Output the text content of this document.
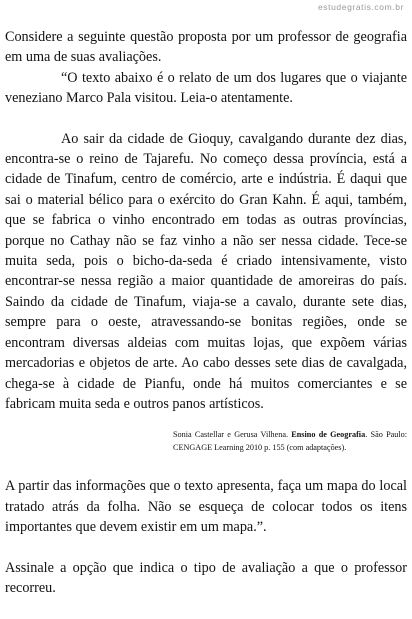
estudegratis.com.br

Considere a seguinte questão proposta por um professor de geografia em uma de suas avaliações.

“O texto abaixo é o relato de um dos lugares que o viajante veneziano Marco Pala visitou. Leia-o atentamente.

Ao sair da cidade de Gioquy, cavalgando durante dez dias, encontra-se o reino de Tajarefu. No começo dessa província, está a cidade de Tinafum, centro de comércio, arte e indústria. É daqui que sai o material bélico para o exército do Gran Kahn. É aqui, também, que se fabrica o vinho encontrado em todas as outras províncias, porque no Cathay não se faz vinho a não ser nessa cidade. Tece-se muita seda, pois o bicho-da-seda é criado intensivamente, visto encontrar-se nessa região a maior quantidade de amoreiras do país. Saindo da cidade de Tinafum, viaja-se a cavalo, durante sete dias, sempre para o oeste, atravessando-se bonitas regiões, onde se encontram diversas aldeias com muitas lojas, que expõem várias mercadorias e objetos de arte. Ao cabo desses sete dias de cavalgada, chega-se à cidade de Pianfu, onde há muitos comerciantes e se fabricam muita seda e outros panos artísticos.

Sonia Castellar e Gerusa Vilhena. Ensino de Geografia. São Paulo: CENGAGE Learning 2010 p. 155 (com adaptações).

A partir das informações que o texto apresenta, faça um mapa do local tratado atrás da folha. Não se esqueça de colocar todos os itens importantes que devem existir em um mapa.”.

Assinale a opção que indica o tipo de avaliação a que o professor recorreu.
